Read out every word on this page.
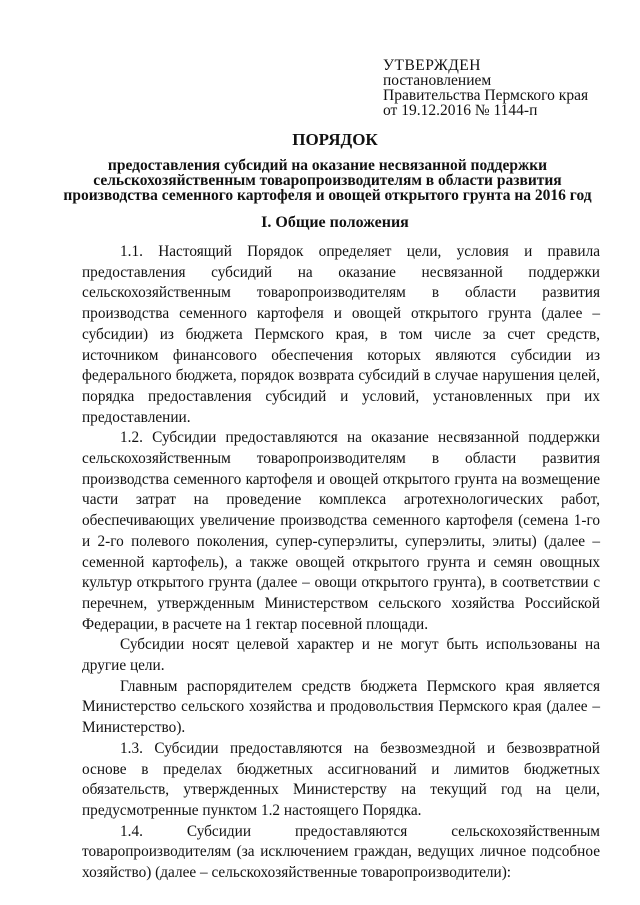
УТВЕРЖДЕН
постановлением
Правительства Пермского края
от 19.12.2016 № 1144-п
ПОРЯДОК
предоставления субсидий на оказание несвязанной поддержки
сельскохозяйственным товаропроизводителям в области развития
производства семенного картофеля и овощей открытого грунта на 2016 год
I. Общие положения

1.1. Настоящий Порядок определяет цели, условия и правила предоставления субсидий на оказание несвязанной поддержки сельскохозяйственным товаропроизводителям в области развития производства семенного картофеля и овощей открытого грунта (далее – субсидии) из бюджета Пермского края, в том числе за счет средств, источником финансового обеспечения которых являются субсидии из федерального бюджета, порядок возврата субсидий в случае нарушения целей, порядка предоставления субсидий и условий, установленных при их предоставлении.

1.2. Субсидии предоставляются на оказание несвязанной поддержки сельскохозяйственным товаропроизводителям в области развития производства семенного картофеля и овощей открытого грунта на возмещение части затрат на проведение комплекса агротехнологических работ, обеспечивающих увеличение производства семенного картофеля (семена 1-го и 2-го полевого поколения, супер-суперэлиты, суперэлиты, элиты) (далее – семенной картофель), а также овощей открытого грунта и семян овощных культур открытого грунта (далее – овощи открытого грунта), в соответствии с перечнем, утвержденным Министерством сельского хозяйства Российской Федерации, в расчете на 1 гектар посевной площади.

Субсидии носят целевой характер и не могут быть использованы на другие цели.

Главным распорядителем средств бюджета Пермского края является Министерство сельского хозяйства и продовольствия Пермского края (далее – Министерство).

1.3. Субсидии предоставляются на безвозмездной и безвозвратной основе в пределах бюджетных ассигнований и лимитов бюджетных обязательств, утвержденных Министерству на текущий год на цели, предусмотренные пунктом 1.2 настоящего Порядка.

1.4. Субсидии предоставляются сельскохозяйственным товаропроизводителям (за исключением граждан, ведущих личное подсобное хозяйство) (далее – сельскохозяйственные товаропроизводители):
